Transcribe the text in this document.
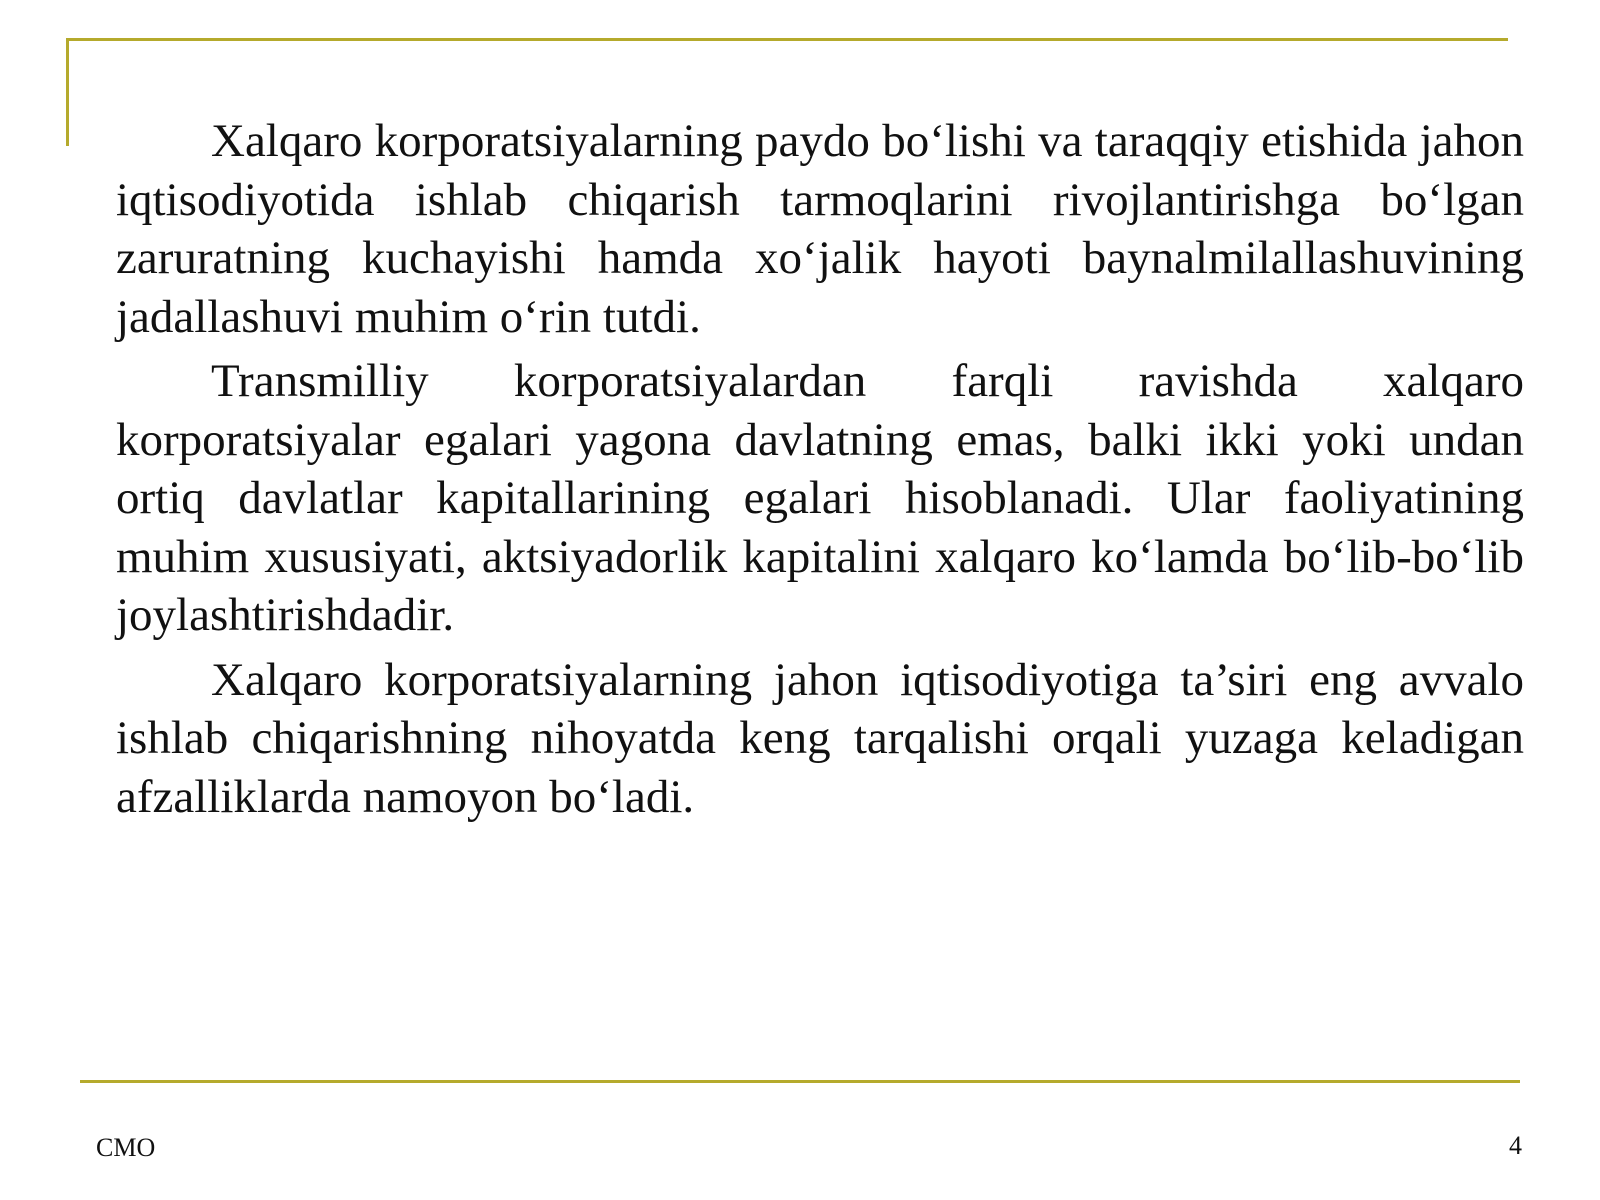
Xalqaro korporatsiyalarning paydo bo‘lishi va taraqqiy etishida jahon iqtisodiyotida ishlab chiqarish tarmoqlarini rivojlantirishga bo‘lgan zaruratning kuchayishi hamda xo‘jalik hayoti baynalmilallashuvining jadallashuvi muhim o‘rin tutdi.

Transmilliy korporatsiyalardan farqli ravishda xalqaro korporatsiyalar egalari yagona davlatning emas, balki ikki yoki undan ortiq davlatlar kapitallarining egalari hisoblanadi. Ular faoliyatining muhim xususiyati, aktsiyadorlik kapitalini xalqaro ko‘lamda bo‘lib-bo‘lib joylashtirishdadir.

Xalqaro korporatsiyalarning jahon iqtisodiyotiga ta’siri eng avvalo ishlab chiqarishning nihoyatda keng tarqalishi orqali yuzaga keladigan afzalliklarda namoyon bo‘ladi.

CMO	4
